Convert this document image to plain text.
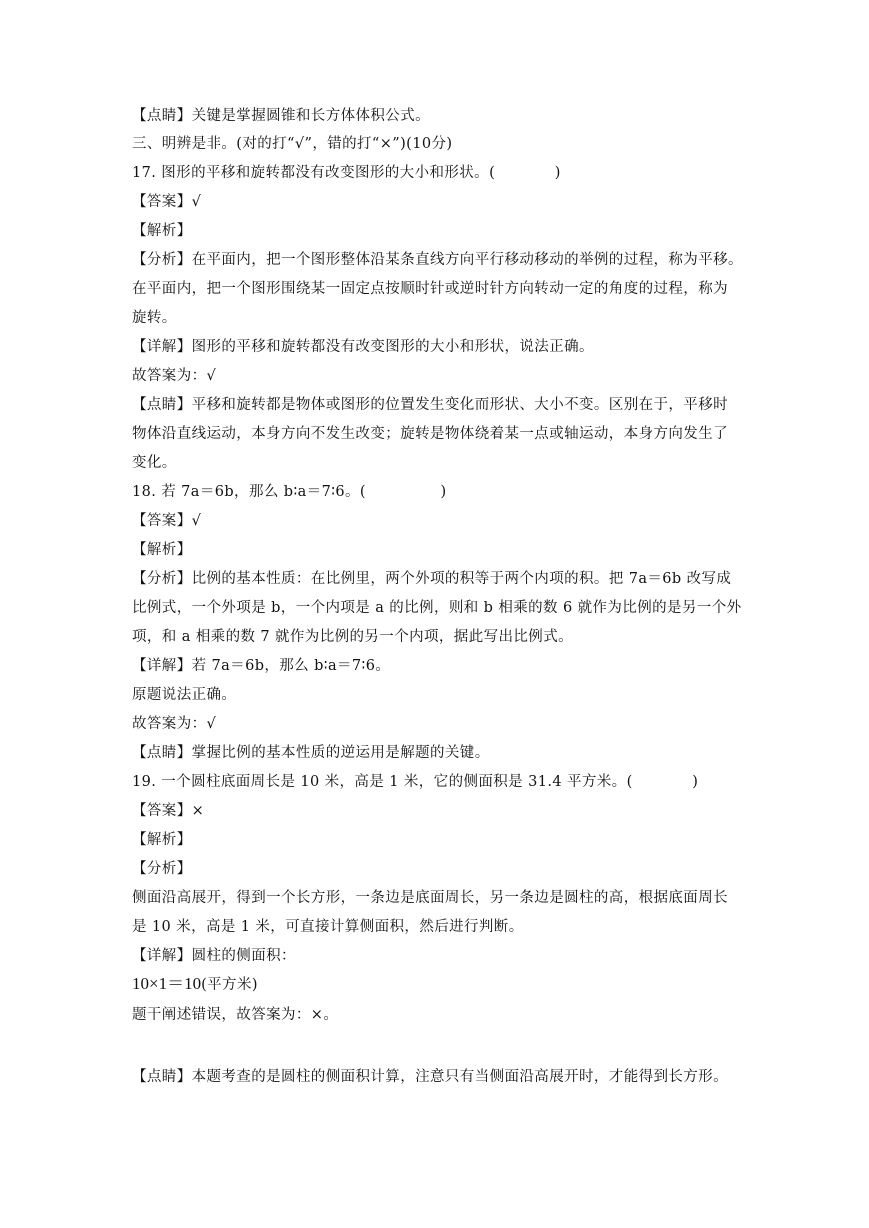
【点睛】关键是掌握圆锥和长方体体积公式。
三、明辨是非。(对的打“√”，错的打“×”)(10分)
17. 图形的平移和旋转都没有改变图形的大小和形状。(　　　　)
【答案】√
【解析】
【分析】在平面内，把一个图形整体沿某条直线方向平行移动移动的举例的过程，称为平移。
在平面内，把一个图形围绕某一固定点按顺时针或逆时针方向转动一定的角度的过程，称为
旋转。
【详解】图形的平移和旋转都没有改变图形的大小和形状，说法正确。
故答案为：√
【点睛】平移和旋转都是物体或图形的位置发生变化而形状、大小不变。区别在于，平移时
物体沿直线运动，本身方向不发生改变；旋转是物体绕着某一点或轴运动，本身方向发生了
变化。
18. 若 7a＝6b，那么 b∶a＝7∶6。(　　　　　)
【答案】√
【解析】
【分析】比例的基本性质：在比例里，两个外项的积等于两个内项的积。把 7a＝6b 改写成
比例式，一个外项是 b，一个内项是 a 的比例，则和 b 相乘的数 6 就作为比例的是另一个外
项，和 a 相乘的数 7 就作为比例的另一个内项，据此写出比例式。
【详解】若 7a＝6b，那么 b∶a＝7∶6。
原题说法正确。
故答案为：√
【点睛】掌握比例的基本性质的逆运用是解题的关键。
19. 一个圆柱底面周长是 10 米，高是 1 米，它的侧面积是 31.4 平方米。(　　　　)
【答案】×
【解析】
【分析】
侧面沿高展开，得到一个长方形，一条边是底面周长，另一条边是圆柱的高，根据底面周长
是 10 米，高是 1 米，可直接计算侧面积，然后进行判断。
【详解】圆柱的侧面积：
10×1＝10(平方米)
题干阐述错误，故答案为：×。
【点睛】本题考查的是圆柱的侧面积计算，注意只有当侧面沿高展开时，才能得到长方形。
